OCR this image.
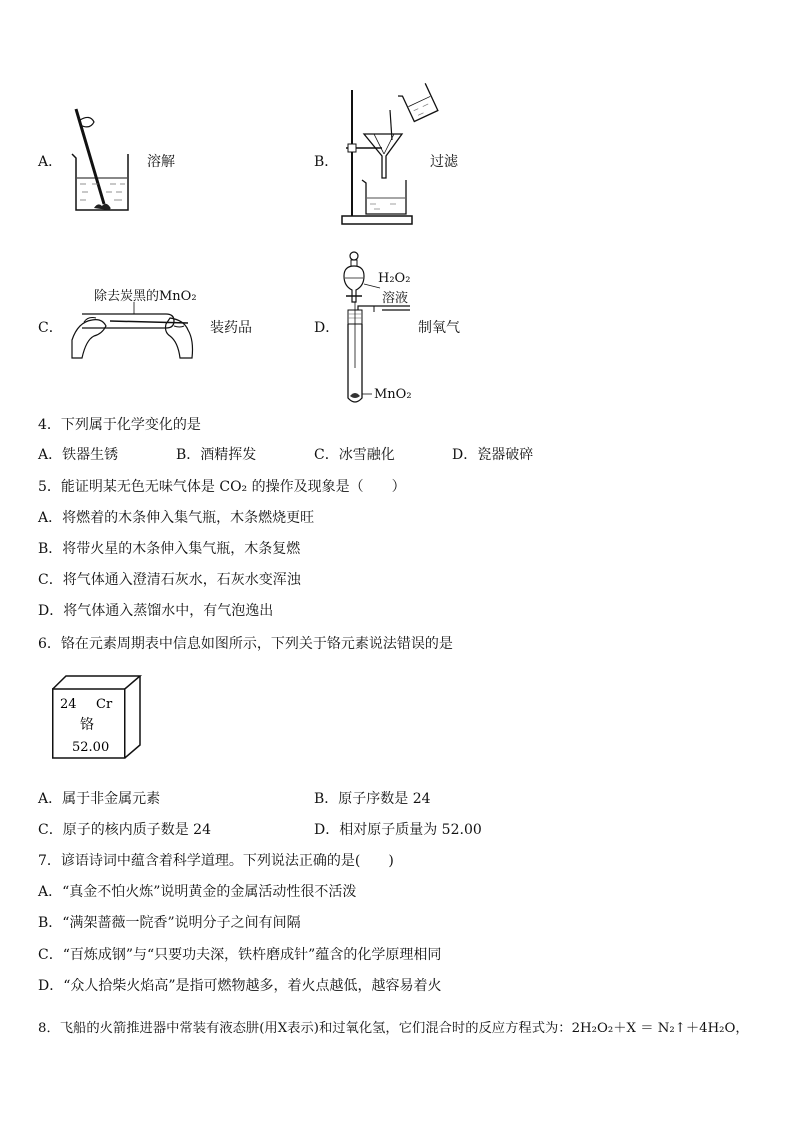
A．	溶解	B．	过滤
C．
除去炭黑的MnO₂
装药品	D．
H₂O₂
溶液
MnO₂
制氧气
4．下列属于化学变化的是
A．铁器生锈	B．酒精挥发	C．冰雪融化	D．瓷器破碎
5．能证明某无色无味气体是 CO₂ 的操作及现象是（　　）
A．将燃着的木条伸入集气瓶，木条燃烧更旺
B．将带火星的木条伸入集气瓶，木条复燃
C．将气体通入澄清石灰水，石灰水变浑浊
D．将气体通入蒸馏水中，有气泡逸出
6．铬在元素周期表中信息如图所示，下列关于铬元素说法错误的是
24 Cr
铬
52.00
A．属于非金属元素	B．原子序数是 24
C．原子的核内质子数是 24	D．相对原子质量为 52.00
7．谚语诗词中蕴含着科学道理。下列说法正确的是(　　)
A．“真金不怕火炼”说明黄金的金属活动性很不活泼
B．“满架蔷薇一院香”说明分子之间有间隔
C．“百炼成钢”与“只要功夫深，铁杵磨成针”蕴含的化学原理相同
D．“众人拾柴火焰高”是指可燃物越多，着火点越低，越容易着火
8．飞船的火箭推进器中常装有液态肼(用X表示)和过氧化氢，它们混合时的反应方程式为：2H₂O₂＋X ＝ N₂↑＋4H₂O，
